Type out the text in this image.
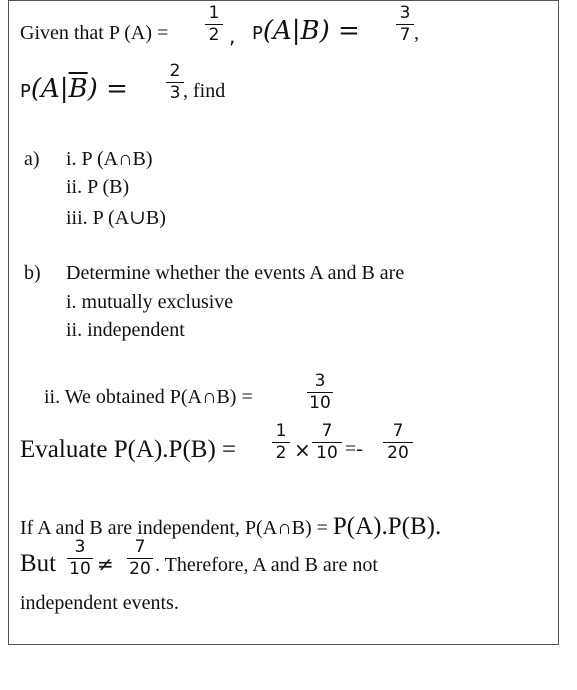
Given that P (A) =
1
2 , P(A|B) =
3
7 ,
$P(A|\overline{B})$ =
2
3 , find
a) i. P (A∩B)
ii. P (B)
iii. P (A∪B)
b) Determine whether the events A and B are
i. mutually exclusive
ii. independent
ii. We obtained P(A∩B) =
3
10
Evaluate P(A).P(B) =
1
2 ×
7
10 =-
7
20
If A and B are independent, P(A∩B) = P(A).P(B).
But
3
10 ≠
7
20 . Therefore, A and B are not
independent events.
